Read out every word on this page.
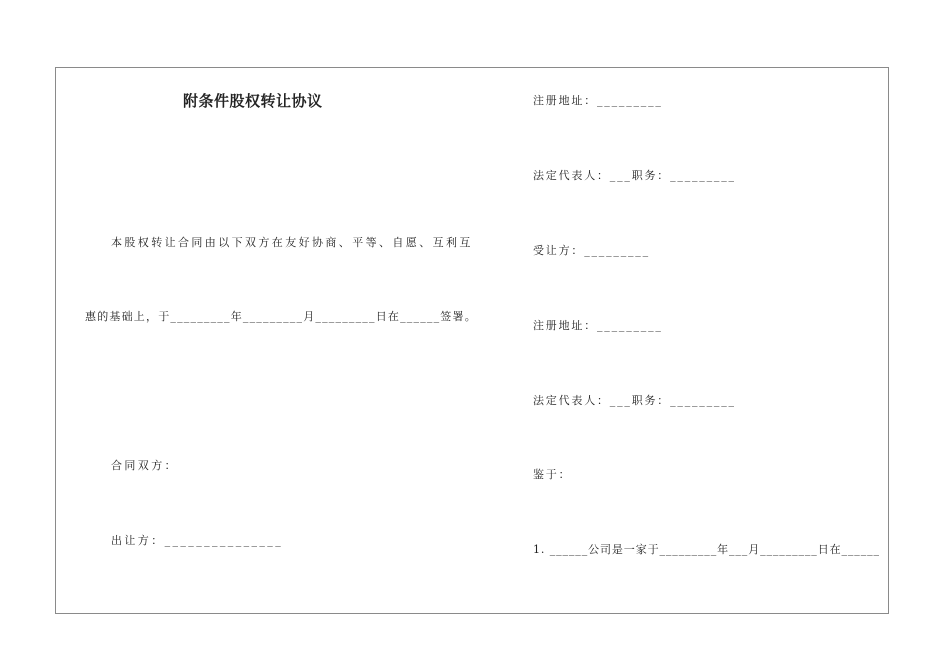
附条件股权转让协议
本股权转让合同由以下双方在友好协商、平等、自愿、互利互
惠的基础上，于_________年_________月_________日在______签署。
合同双方：
出让方：_______________
注册地址：_________
法定代表人：___职务：_________
受让方：_________
注册地址：_________
法定代表人：___职务：_________
鉴于：
1. ______公司是一家于_________年___月_________日在______
